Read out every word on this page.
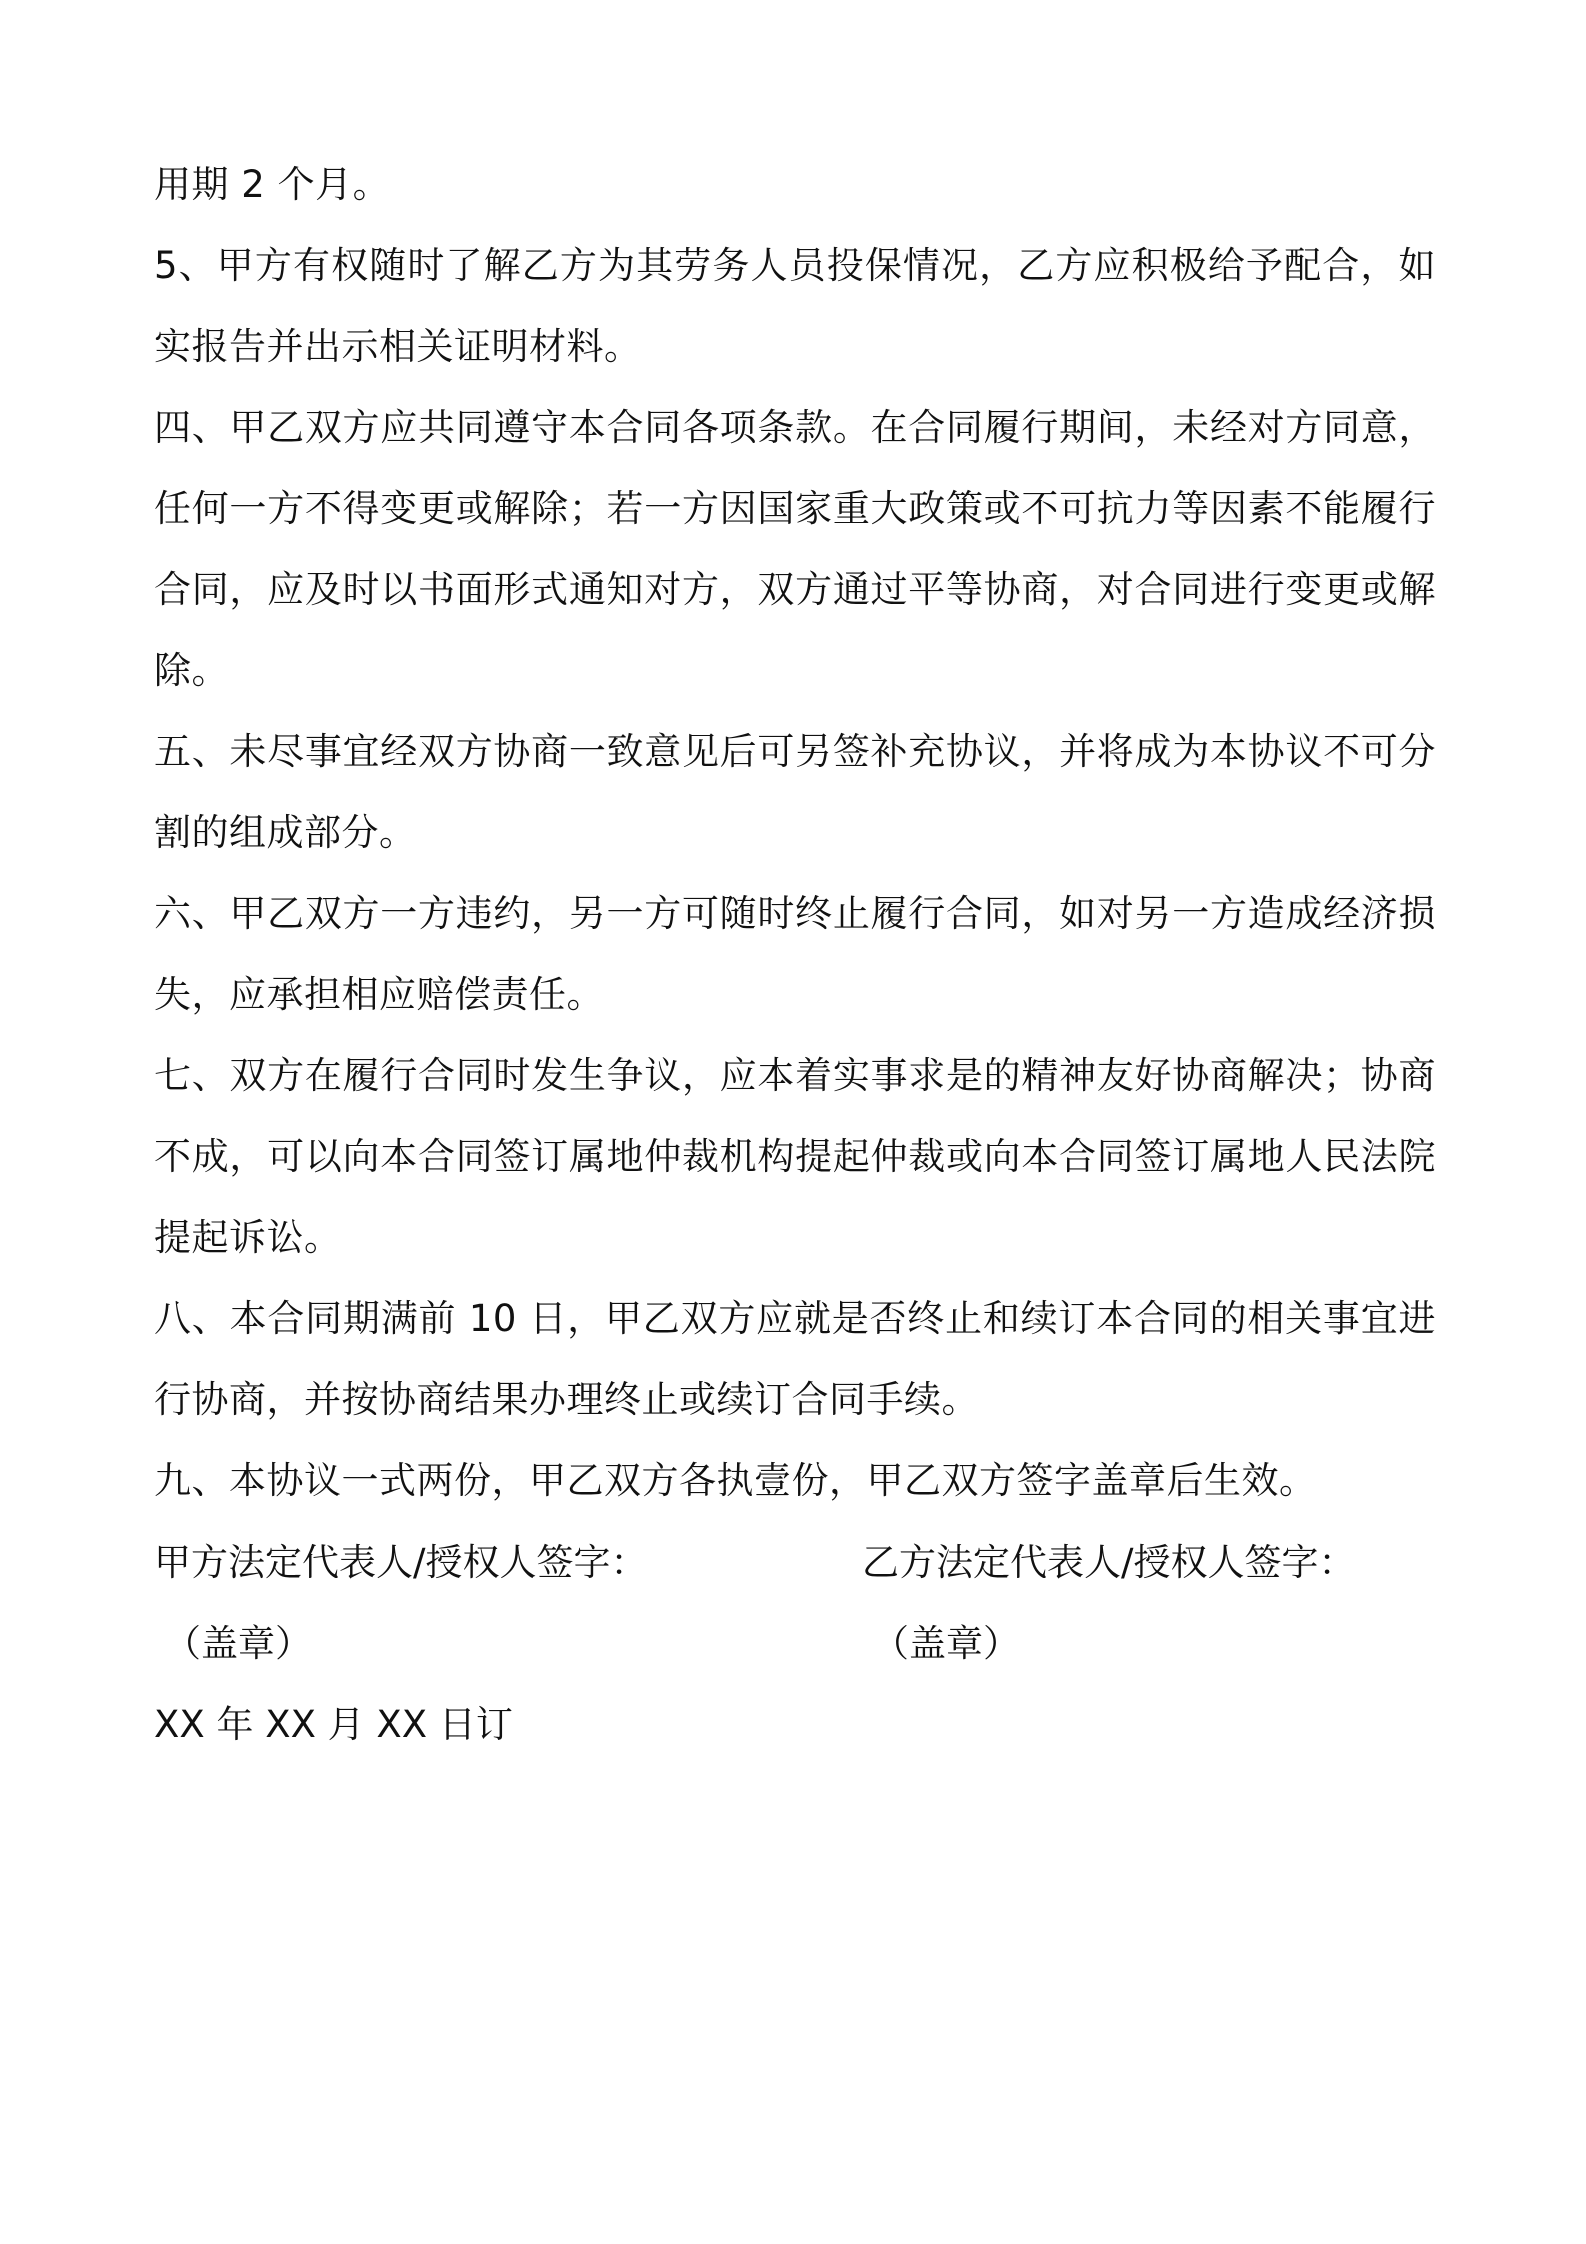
用期 2 个月。

5、甲方有权随时了解乙方为其劳务人员投保情况，乙方应积极给予配合，如实报告并出示相关证明材料。

四、甲乙双方应共同遵守本合同各项条款。在合同履行期间，未经对方同意，任何一方不得变更或解除；若一方因国家重大政策或不可抗力等因素不能履行合同，应及时以书面形式通知对方，双方通过平等协商，对合同进行变更或解除。

五、未尽事宜经双方协商一致意见后可另签补充协议，并将成为本协议不可分割的组成部分。

六、甲乙双方一方违约，另一方可随时终止履行合同，如对另一方造成经济损失，应承担相应赔偿责任。

七、双方在履行合同时发生争议，应本着实事求是的精神友好协商解决；协商不成，可以向本合同签订属地仲裁机构提起仲裁或向本合同签订属地人民法院提起诉讼。

八、本合同期满前 10 日，甲乙双方应就是否终止和续订本合同的相关事宜进行协商，并按协商结果办理终止或续订合同手续。

九、本协议一式两份，甲乙双方各执壹份，甲乙双方签字盖章后生效。

甲方法定代表人/授权人签字：	乙方法定代表人/授权人签字：
（盖章）	（盖章）
XX 年 XX 月 XX 日订
